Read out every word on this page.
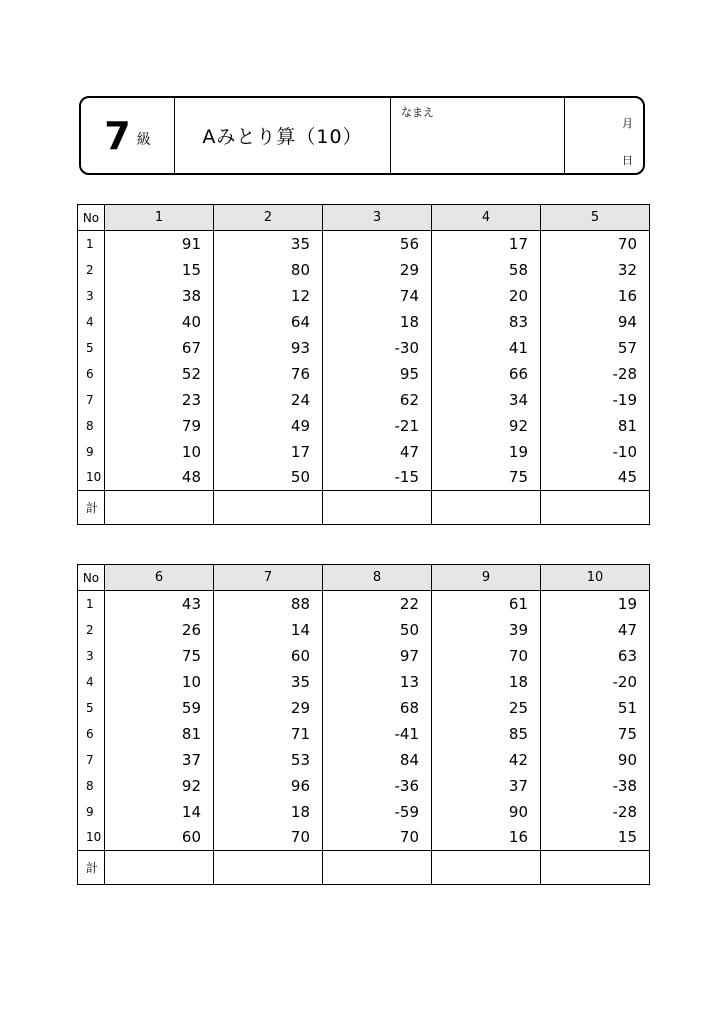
7 級	Aみとり算（10）
なまえ
月
日
No	1	2	3	4	5
1	91	35	56	17	70
2	15	80	29	58	32
3	38	12	74	20	16
4	40	64	18	83	94
5	67	93	-30	41	57
6	52	76	95	66	-28
7	23	24	62	34	-19
8	79	49	-21	92	81
9	10	17	47	19	-10
10	48	50	-15	75	45
計					
No	6	7	8	9	10
1	43	88	22	61	19
2	26	14	50	39	47
3	75	60	97	70	63
4	10	35	13	18	-20
5	59	29	68	25	51
6	81	71	-41	85	75
7	37	53	84	42	90
8	92	96	-36	37	-38
9	14	18	-59	90	-28
10	60	70	70	16	15
計					
